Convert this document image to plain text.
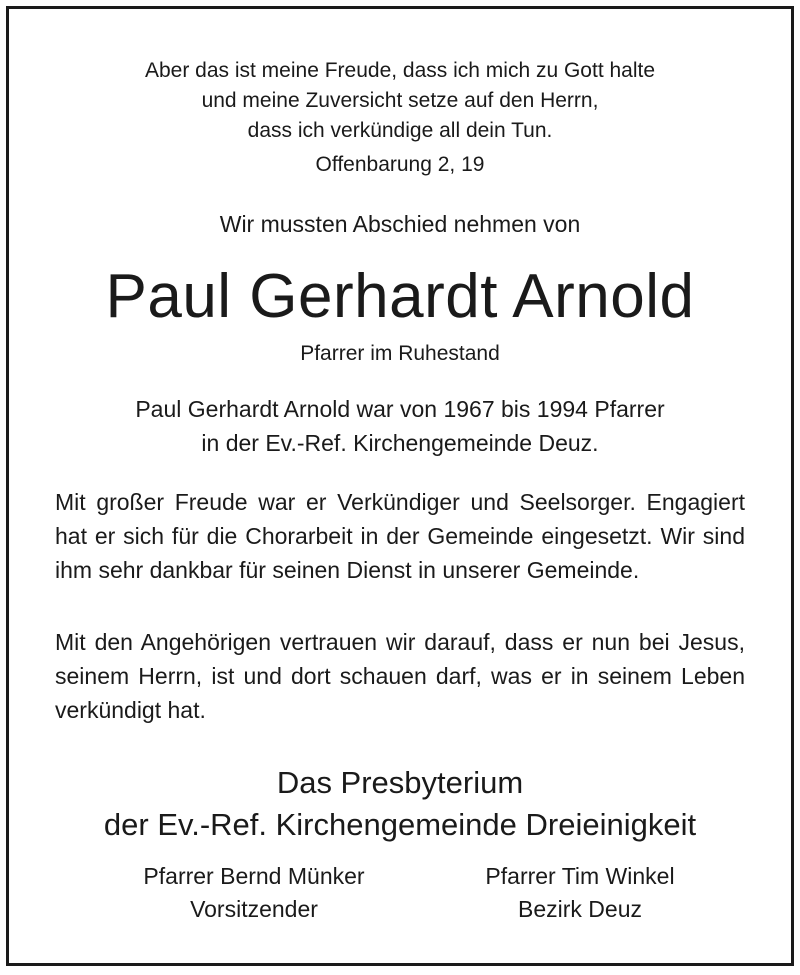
Aber das ist meine Freude, dass ich mich zu Gott halte
und meine Zuversicht setze auf den Herrn,
dass ich verkündige all dein Tun.
Offenbarung 2, 19
Wir mussten Abschied nehmen von
Paul Gerhardt Arnold
Pfarrer im Ruhestand
Paul Gerhardt Arnold war von 1967 bis 1994 Pfarrer
in der Ev.-Ref. Kirchengemeinde Deuz.

Mit großer Freude war er Verkündiger und Seelsorger. Engagiert hat er sich für die Chorarbeit in der Gemeinde eingesetzt. Wir sind ihm sehr dankbar für seinen Dienst in unserer Gemeinde.

Mit den Angehörigen vertrauen wir darauf, dass er nun bei Jesus, seinem Herrn, ist und dort schauen darf, was er in seinem Leben verkündigt hat.

Das Presbyterium
der Ev.-Ref. Kirchengemeinde Dreieinigkeit
Pfarrer Bernd Münker
Vorsitzender
Pfarrer Tim Winkel
Bezirk Deuz
